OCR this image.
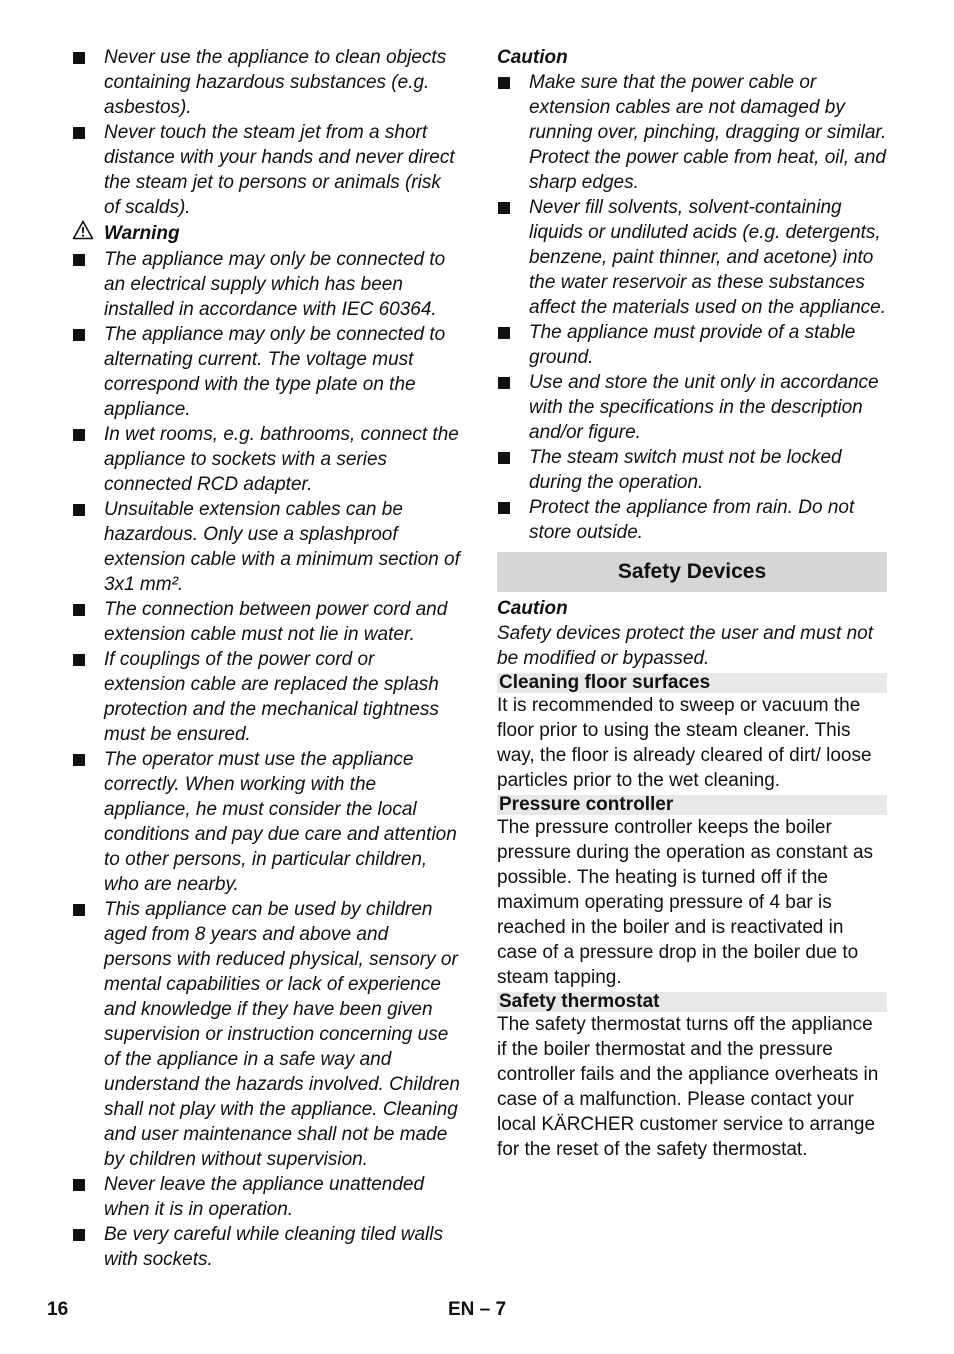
Never use the appliance to clean objects containing hazardous substances (e.g. asbestos).
Never touch the steam jet from a short distance with your hands and never direct the steam jet to persons or animals (risk of scalds).
Warning
The appliance may only be connected to an electrical supply which has been installed in accordance with IEC 60364.
The appliance may only be connected to alternating current. The voltage must correspond with the type plate on the appliance.
In wet rooms, e.g. bathrooms, connect the appliance to sockets with a series connected RCD adapter.
Unsuitable extension cables can be hazardous. Only use a splashproof extension cable with a minimum section of 3x1 mm².
The connection between power cord and extension cable must not lie in water.
If couplings of the power cord or extension cable are replaced the splash protection and the mechanical tightness must be ensured.
The operator must use the appliance correctly. When working with the appliance, he must consider the local conditions and pay due care and attention to other persons, in particular children, who are nearby.
This appliance can be used by children aged from 8 years and above and persons with reduced physical, sensory or mental capabilities or lack of experience and knowledge if they have been given supervision or instruction concerning use of the appliance in a safe way and understand the hazards involved. Children shall not play with the appliance. Cleaning and user maintenance shall not be made by children without supervision.
Never leave the appliance unattended when it is in operation.
Be very careful while cleaning tiled walls with sockets.
Caution
Make sure that the power cable or extension cables are not damaged by running over, pinching, dragging or similar. Protect the power cable from heat, oil, and sharp edges.
Never fill solvents, solvent-containing liquids or undiluted acids (e.g. detergents, benzene, paint thinner, and acetone) into the water reservoir as these substances affect the materials used on the appliance.
The appliance must provide of a stable ground.
Use and store the unit only in accordance with the specifications in the description and/or figure.
The steam switch must not be locked during the operation.
Protect the appliance from rain. Do not store outside.
Safety Devices
Caution
Safety devices protect the user and must not be modified or bypassed.
Cleaning floor surfaces
It is recommended to sweep or vacuum the floor prior to using the steam cleaner. This way, the floor is already cleared of dirt/ loose particles prior to the wet cleaning.
Pressure controller
The pressure controller keeps the boiler pressure during the operation as constant as possible. The heating is turned off if the maximum operating pressure of 4 bar is reached in the boiler and is reactivated in case of a pressure drop in the boiler due to steam tapping.
Safety thermostat
The safety thermostat turns off the appliance if the boiler thermostat and the pressure controller fails and the appliance overheats in case of a malfunction. Please contact your local KÄRCHER customer service to arrange for the reset of the safety thermostat.
16	EN – 7
